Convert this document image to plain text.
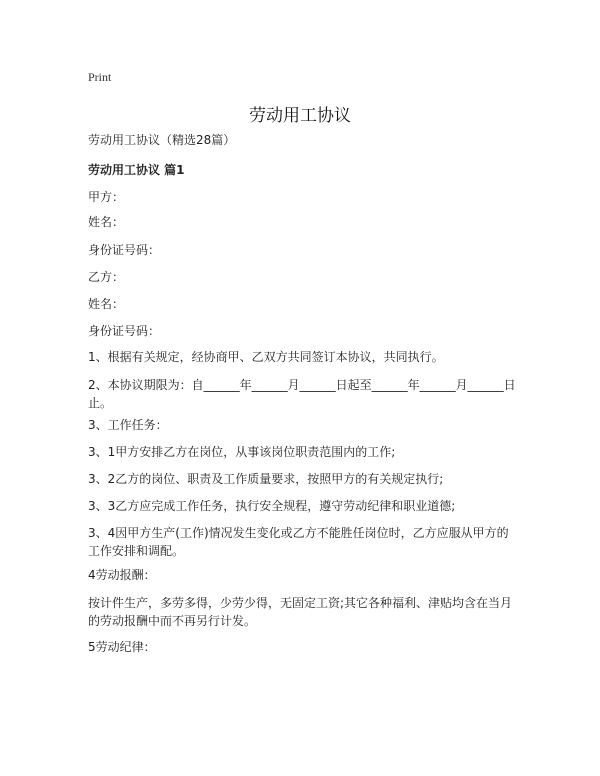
Print
劳动用工协议
劳动用工协议（精选28篇）
劳动用工协议 篇1
甲方：
姓名：
身份证号码：
乙方：
姓名：
身份证号码：
1、根据有关规定，经协商甲、乙双方共同签订本协议，共同执行。
2、本协议期限为：自______年______月______日起至______年______月______日止。
3、工作任务：
3、1甲方安排乙方在岗位，从事该岗位职责范围内的工作;
3、2乙方的岗位、职责及工作质量要求，按照甲方的有关规定执行;
3、3乙方应完成工作任务，执行安全规程，遵守劳动纪律和职业道德;
3、4因甲方生产(工作)情况发生变化或乙方不能胜任岗位时，乙方应服从甲方的工作安排和调配。
4劳动报酬：
按计件生产，多劳多得，少劳少得，无固定工资;其它各种福利、津贴均含在当月的劳动报酬中而不再另行计发。
5劳动纪律：
